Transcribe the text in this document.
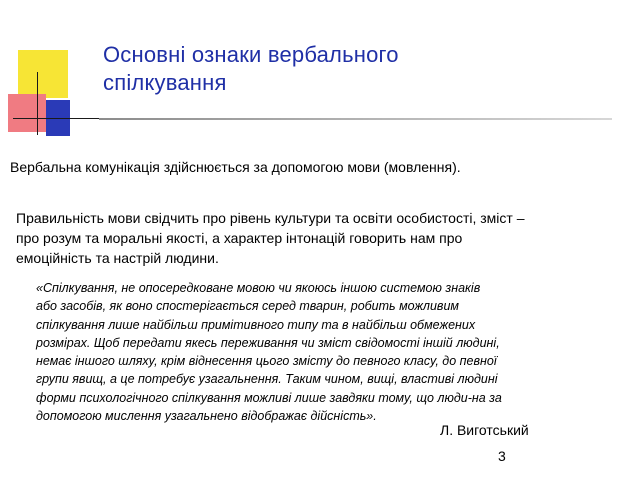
Основні ознаки вербального
спілкування
Вербальна комунікація здійснюється за допомогою мови (мовлення).
Правильність мови свідчить про рівень культури та освіти особистості, зміст –
про розум та моральні якості, а характер інтонацій говорить нам про
емоційність та настрій людини.
«Спілкування, не опосередковане мовою чи якоюсь іншою системою знаків
або засобів, як воно спостерігається серед тварин, робить можливим
спілкування лише найбільш примітивного типу та в найбільш обмежених
розмірах. Щоб передати якесь переживання чи зміст свідомості іншій людині,
немає іншого шляху, крім віднесення цього змісту до певного класу, до певної
групи явищ, а це потребує узагальнення. Таким чином, вищі, властиві людині
форми психологічного спілкування можливі лише завдяки тому, що люди-на за
допомогою мислення узагальнено відображає дійсність».
Л. Виготський
3
